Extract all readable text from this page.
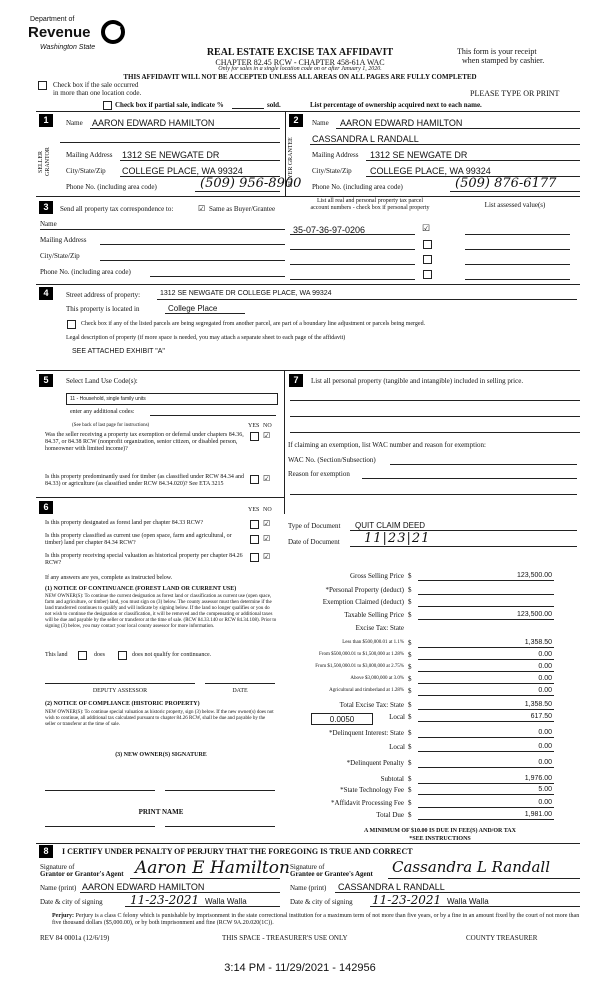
Department of
Revenue
Washington State	REAL ESTATE EXCISE TAX AFFIDAVIT
CHAPTER 82.45 RCW - CHAPTER 458-61A WAC
Only for sales in a single location code on or after January 1, 2020.
This form is your receipt
when stamped by cashier.
THIS AFFIDAVIT WILL NOT BE ACCEPTED UNLESS ALL AREAS ON ALL PAGES ARE FULLY COMPLETED
Check box if the sale occurred
in more than one location code.	PLEASE TYPE OR PRINT
Check box if partial sale, indicate %	sold.	List percentage of ownership acquired next to each name.
1	2
SELLER GRANTOR
Name AARON EDWARD HAMILTON
Mailing Address 1312 SE NEWGATE DR
City/State/Zip COLLEGE PLACE, WA 99324
Phone No. (including area code)	(509) 956-8900
BUYER GRANTEE
Name AARON EDWARD HAMILTON
CASSANDRA L RANDALL
Mailing Address 1312 SE NEWGATE DR
City/State/Zip COLLEGE PLACE, WA 99324
Phone No. (including area code)	(509) 876-6177
3	Send all property tax correspondence to:	☑ Same as Buyer/Grantee
List all real and personal property tax parcel
account numbers - check box if personal property	List assessed value(s)
Name
Mailing Address
City/State/Zip
Phone No. (including area code)
35-07-36-97-0206	☑
4	Street address of property:	1312 SE NEWGATE DR COLLEGE PLACE, WA 99324
This property is located in	College Place
Check box if any of the listed parcels are being segregated from another parcel, are part of a boundary line adjustment or parcels being merged.
Legal description of property (if more space is needed, you may attach a separate sheet to each page of the affidavit)
SEE ATTACHED EXHIBIT "A"
5	Select Land Use Code(s):
11 - Household, single family units
enter any additional codes:
(See back of last page for instructions)	YES NO
Was the seller receiving a property tax exemption or deferral under chapters 84.36, 84.37, or 84.38 RCW (nonprofit organization, senior citizen, or disabled person, homeowner with limited income)?
☑
Is this property predominantly used for timber (as classified under RCW 84.34 and 84.33) or agriculture (as classified under RCW 84.34.020)? See ETA 3215
☑
7	List all personal property (tangible and intangible) included in selling price.
If claiming an exemption, list WAC number and reason for exemption:
WAC No. (Section/Subsection)
Reason for exemption
6	YES NO
Is this property designated as forest land per chapter 84.33 RCW?	☑
Is this property classified as current use (open space, farm and agricultural, or timber) land per chapter 84.34 RCW?	☑
Is this property receiving special valuation as historical property per chapter 84.26 RCW?
☑
If any answers are yes, complete as instructed below.
(1) NOTICE OF CONTINUANCE (FOREST LAND OR CURRENT USE)
NEW OWNER(S): To continue the current designation as forest land or classification as current use (open space, farm and agriculture, or timber) land, you must sign on (3) below. The county assessor must then determine if the land transferred continues to qualify and will indicate by signing below. If the land no longer qualifies or you do not wish to continue the designation or classification, it will be removed and the compensating or additional taxes will be due and payable by the seller or transferor at the time of sale. (RCW 84.33.140 or RCW 84.34.108). Prior to signing (3) below, you may contact your local county assessor for more information.
This land	does	does not qualify for continuance.
DEPUTY ASSESSOR	DATE
(2) NOTICE OF COMPLIANCE (HISTORIC PROPERTY)
NEW OWNER(S): To continue special valuation as historic property, sign (3) below. If the new owner(s) does not wish to continue, all additional tax calculated pursuant to chapter 84.26 RCW, shall be due and payable by the seller or transferor at the time of sale.
(3) NEW OWNER(S) SIGNATURE
PRINT NAME
Type of Document QUIT CLAIM DEED
Date of Document 11|23|21
Gross Selling Price $	123,500.00
*Personal Property (deduct) $
Exemption Claimed (deduct) $
Taxable Selling Price $	123,500.00
Excise Tax: State
Less than $500,000.01 at 1.1% $	1,358.50
From $500,000.01 to $1,500,000 at 1.28% $	0.00
From $1,500,000.01 to $3,000,000 at 2.75% $	0.00
Above $3,000,000 at 3.0% $	0.00
Agricultural and timberland at 1.28% $	0.00
Total Excise Tax: State $	1,358.50
Local $	617.50
*Delinquent Interest: State $	0.00
Local $	0.00
*Delinquent Penalty $	0.00
Subtotal $	1,976.00
*State Technology Fee $	5.00
*Affidavit Processing Fee $	0.00
Total Due $	1,981.00
0.0050
A MINIMUM OF $10.00 IS DUE IN FEE(S) AND/OR TAX
*SEE INSTRUCTIONS
8	I CERTIFY UNDER PENALTY OF PERJURY THAT THE FOREGOING IS TRUE AND CORRECT
Signature of
Grantor or Grantor's Agent Aaron E Hamilton
Name (print) AARON EDWARD HAMILTON
Date & city of signing 11-23-2021 Walla Walla
Signature of
Grantee or Grantee's Agent Cassandra L Randall
Name (print) CASSANDRA L RANDALL
Date & city of signing 11-23-2021 Walla Walla
Perjury: Perjury is a class C felony which is punishable by imprisonment in the state correctional institution for a maximum term of not more than five years, or by a fine in an amount fixed by the court of not more than five thousand dollars ($5,000.00), or by both imprisonment and fine (RCW 9A.20.020(1C)).
REV 84 0001a (12/6/19)	THIS SPACE - TREASURER'S USE ONLY	COUNTY TREASURER
3:14 PM - 11/29/2021 - 142956
